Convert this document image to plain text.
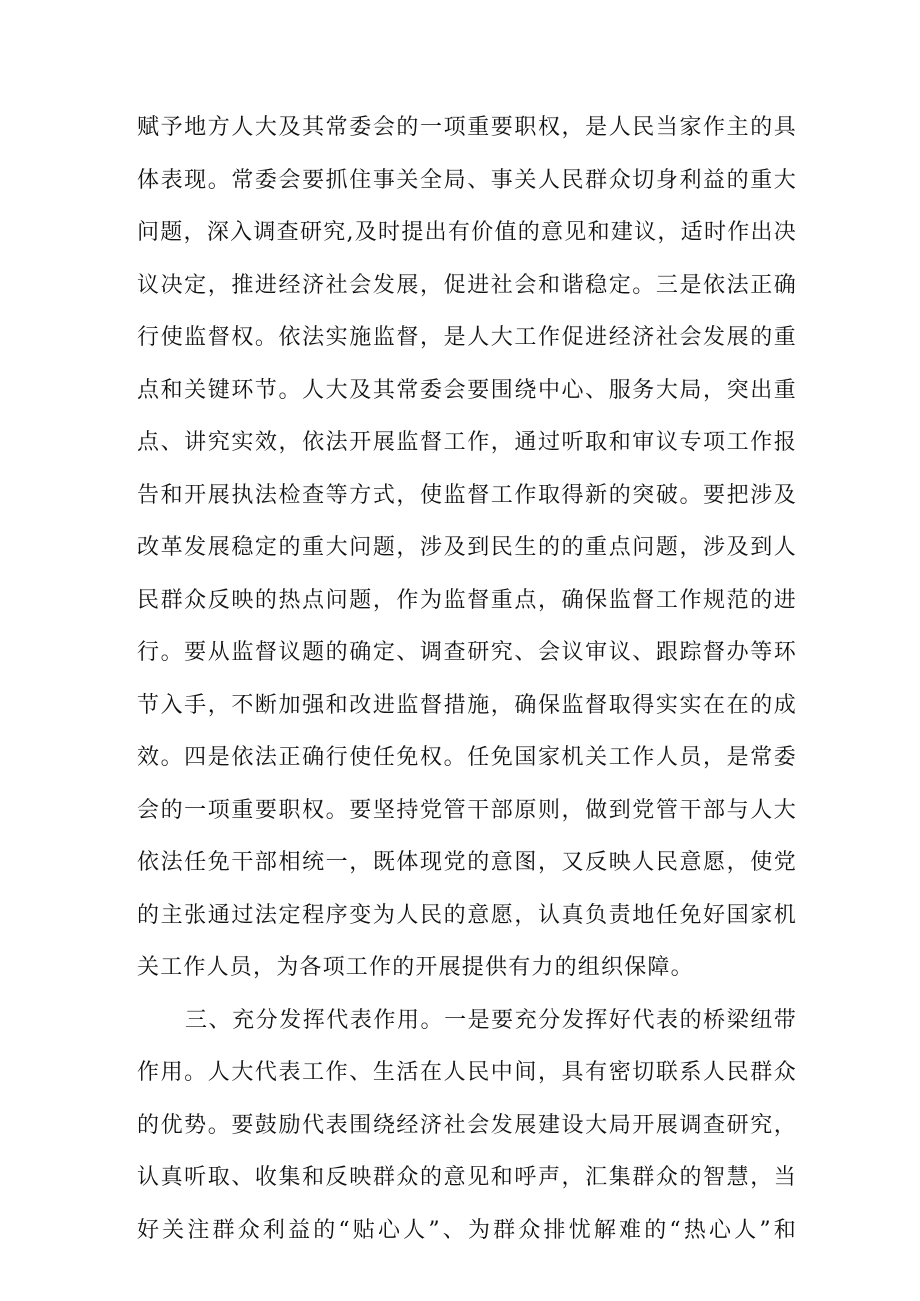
赋予地方人大及其常委会的一项重要职权，是人民当家作主的具
体表现。常委会要抓住事关全局、事关人民群众切身利益的重大
问题，深入调查研究,及时提出有价值的意见和建议，适时作出决
议决定，推进经济社会发展，促进社会和谐稳定。三是依法正确
行使监督权。依法实施监督，是人大工作促进经济社会发展的重
点和关键环节。人大及其常委会要围绕中心、服务大局，突出重
点、讲究实效，依法开展监督工作，通过听取和审议专项工作报
告和开展执法检查等方式，使监督工作取得新的突破。要把涉及
改革发展稳定的重大问题，涉及到民生的的重点问题，涉及到人
民群众反映的热点问题，作为监督重点，确保监督工作规范的进
行。要从监督议题的确定、调查研究、会议审议、跟踪督办等环
节入手，不断加强和改进监督措施，确保监督取得实实在在的成
效。四是依法正确行使任免权。任免国家机关工作人员，是常委
会的一项重要职权。要坚持党管干部原则，做到党管干部与人大
依法任免干部相统一，既体现党的意图，又反映人民意愿，使党
的主张通过法定程序变为人民的意愿，认真负责地任免好国家机
关工作人员，为各项工作的开展提供有力的组织保障。
三、充分发挥代表作用。一是要充分发挥好代表的桥梁纽带
作用。人大代表工作、生活在人民中间，具有密切联系人民群众
的优势。要鼓励代表围绕经济社会发展建设大局开展调查研究，
认真听取、收集和反映群众的意见和呼声，汇集群众的智慧，当
好关注群众利益的“贴心人”、为群众排忧解难的“热心人”和
